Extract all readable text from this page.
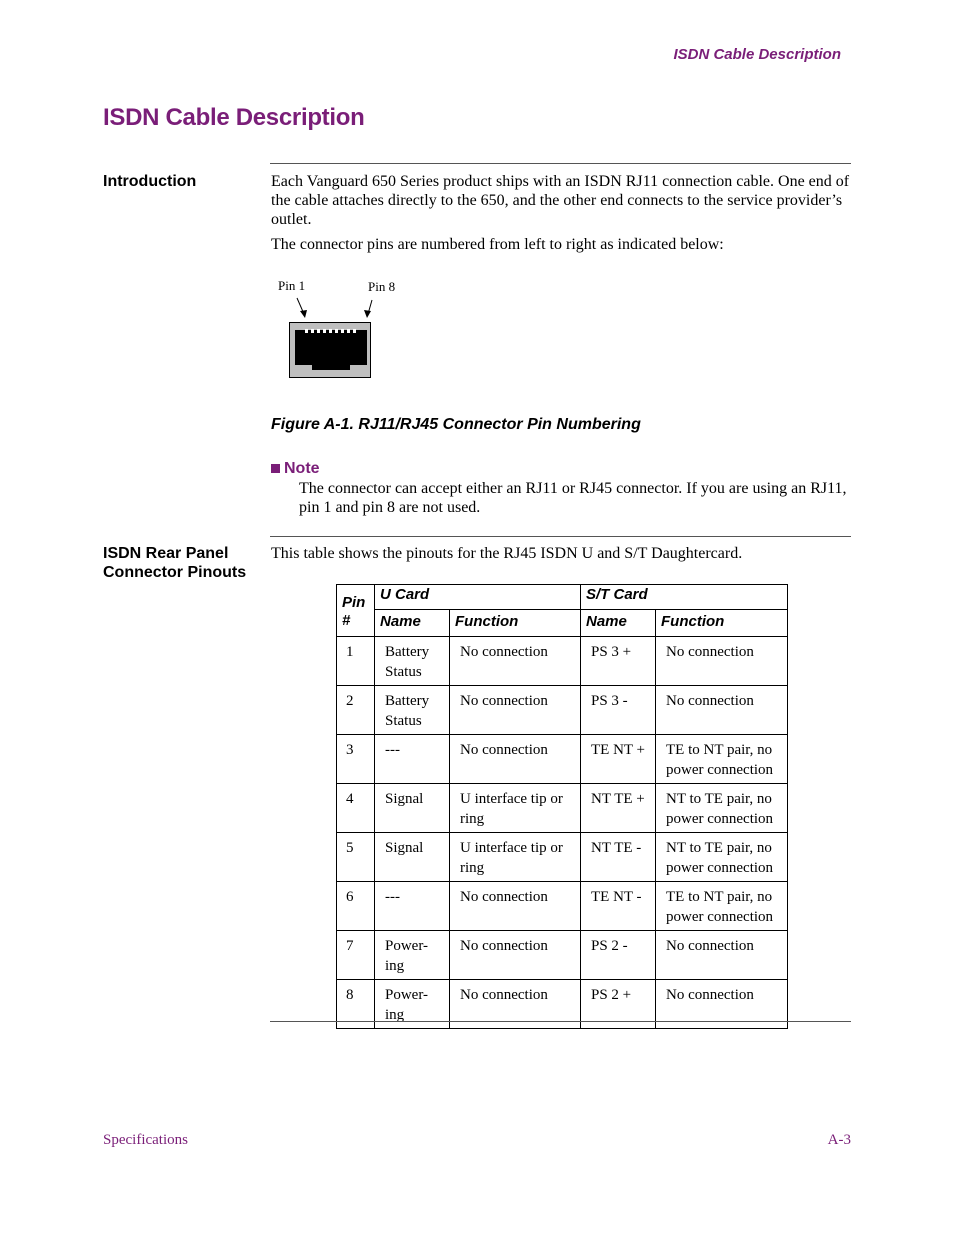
ISDN Cable Description
ISDN Cable Description
Introduction	Each Vanguard 650 Series product ships with an ISDN RJ11 connection cable. One end of the cable attaches directly to the 650, and the other end connects to the service provider’s outlet.

The connector pins are numbered from left to right as indicated below:

Pin 1	Pin 8

Figure A-1. RJ11/RJ45 Connector Pin Numbering

Note

The connector can accept either an RJ11 or RJ45 connector. If you are using an RJ11, pin 1 and pin 8 are not used.

ISDN Rear Panel
Connector Pinouts

This table shows the pinouts for the RJ45 ISDN U and S/T Daughtercard.

Pin #	U Card		S/T Card	
	Name	Function	Name	Function
1	Battery Status	No connection	PS 3 +	No connection
2	Battery Status	No connection	PS 3 -	No connection
3	---	No connection	TE NT +	TE to NT pair, no power connection
4	Signal	U interface tip or ring	NT TE +	NT to TE pair, no power connection
5	Signal	U interface tip or ring	NT TE -	NT to TE pair, no power connection
6	---	No connection	TE NT -	TE to NT pair, no power connection
7	Power-ing	No connection	PS 2 -	No connection
8	Power-ing	No connection	PS 2 +	No connection
Specifications	A-3
